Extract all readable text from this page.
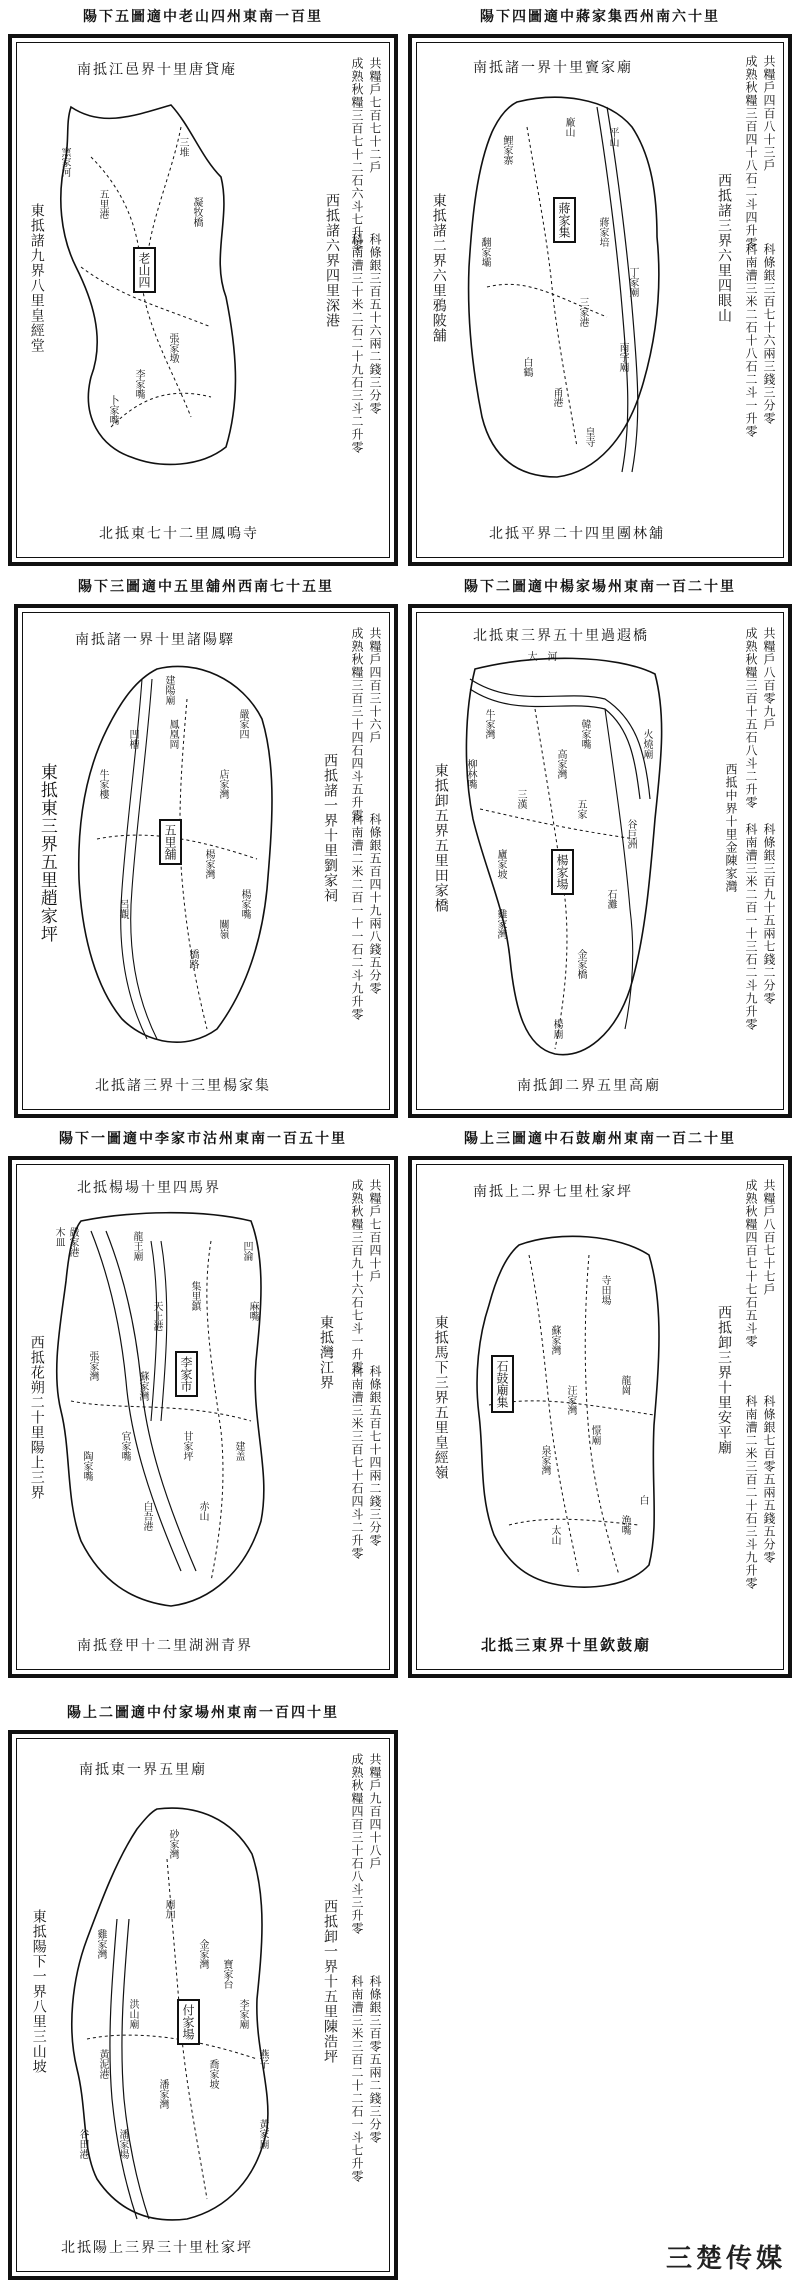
陽下五圖適中老山四州東南一百里
南抵江邑界十里唐貸庵
北抵東七十二里鳳鳴寺
共糧戶七百七十二戶
成熟秋糧三百七十二石六斗七升零
西抵諸六界四里深港 科條銀三百五十六兩二錢三分零
科南漕三十米二石二十九石三斗二升零
東抵諸九界八里皇經堂	老山四
窯家河
五里港
三堆
凝牧橋
李家嘴
張家墩
卜家嘴
陽下四圖適中蔣家集西州南六十里
南抵諸一界十里竇家廟
北抵平界二十四里團林舖
共糧戶四百八十三戶
成熟秋糧三百四十八石二斗四升零
西抵諸三界六里四眼山	科條銀三百七十六兩三錢三分零
科南漕三米二石十八石二斗一升零
東抵諸二界六里鴉陂舖	蔣家集
鯉家寨
廠山	平山
蔣家培
翻家壩
三家港
丁家廟
南宇廟
皇寺
白鶴
甬港
陽下三圖適中五里舖州西南七十五里
南抵諸一界十里諸陽驛
北抵諸三界十三里楊家集
共糧戶四百三十六戶
成熟秋糧三百三十四石四斗五升零
西抵諸一界十里劉家祠	科條銀五百四十九兩八錢五分零
科南漕二米二百一十一石二斗九升零
東抵東三界五里趙家坪	五里舖
建陽廟
鳳凰岡	嚴家四
店家灣
牛家樓
楊家灣
楊家嘴
凹槽
呂觀
關嶺
橋路
陽下二圖適中楊家場州東南一百二十里
北抵東三界五十里過遐橋
南抵卸二界五里高廟
共糧戶八百零九戶
成熟秋糧三百十五石八斗二升零
西抵中界十里金陳家灣 科條銀三百九十五兩七錢二分零
科南漕三米二百一十三石二斗九升零
東抵卸五界五里田家橋	楊家場
大 河
牛家灣
柳林嘴
三漢
韓家嘴
廬家坡
石灘
金家橋
雞家灣
火燒廟
高家灣
五家
楊廟
谷巨洲
陽下一圖適中李家市沽州東南一百五十里
北抵楊場十里四馬界
南抵登甲十二里湖洲青界
共糧戶七百四十戶
成熟秋糧三百九十六石七斗一升零
東抵灣江界
科條銀五百七十四兩二錢三分零
科南漕三米三百七十石四斗二升零
西抵花朔二十里陽上三界	李家市
木皿 嚴家港	龍王廟	凹淪
集里鎮	麻嘴
天上港
張家灣
蘇家灣
官家嘴	建盖
赤山
白吾港
陶家嘴
甘家坪
陽上三圖適中石鼓廟州東南一百二十里
南抵上二界七里杜家坪
北抵三東界十里欽鼓廟
共糧戶八百七十七戶
成熟秋糧四百七十七石五斗零
西抵卸三界十里安平廟
科條銀七百零五兩五錢五分零
科南漕二米三百二十石三斗九升零
東抵馬下三界五里皇經嶺	石鼓廟集
寺田場
蘇家灣
汪家灣
憬廟
泉家灣
龍崗
太山	漁嘴
白
陽上二圖適中付家場州東南一百四十里
南抵東一界五里廟
北抵陽上三界三十里杜家坪
共糧戶九百四十八戶
成熟秋糧四百三十石八斗三升零
西抵卸一界十五里陳浩坪	科條銀三百零五兩二錢三分零
科南漕三米三百二十二石一斗七升零
東抵陽下一界八里三山坡	付家場
砂家灣
廟加
雞家灣	金家灣
洪山廟
寶家台
黃泥港	喬家坡
潘家灣
黃家廟
谷田港	潘家場
李家廟
燕子
三楚传媒
